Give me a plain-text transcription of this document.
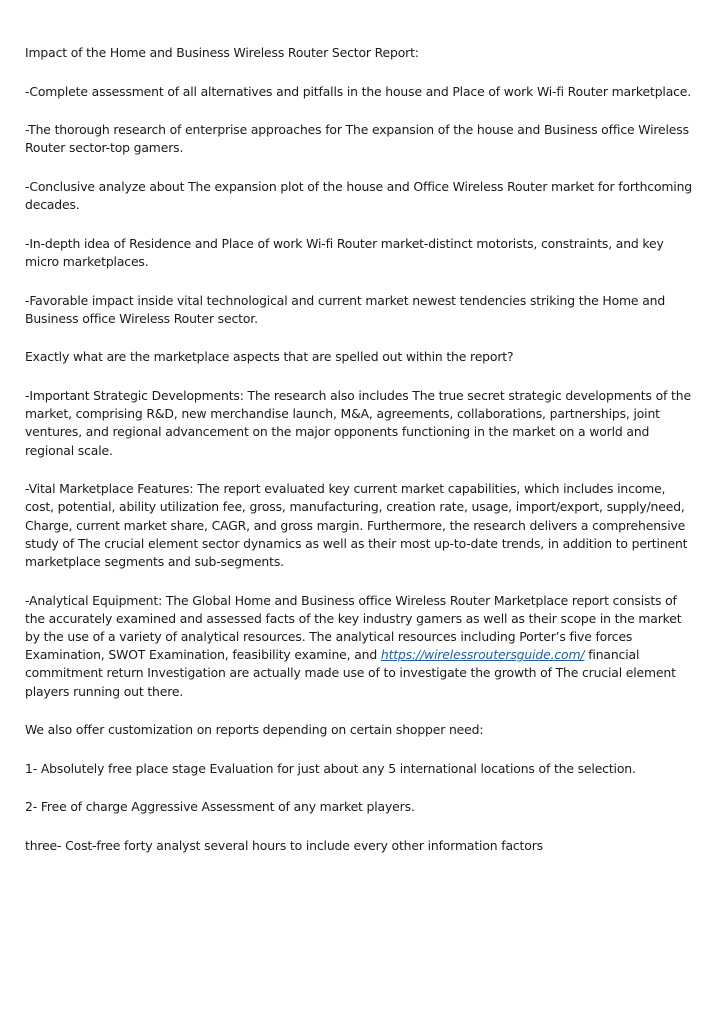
Impact of the Home and Business Wireless Router Sector Report:

-Complete assessment of all alternatives and pitfalls in the house and Place of work Wi-fi Router marketplace.

-The thorough research of enterprise approaches for The expansion of the house and Business office Wireless Router sector-top gamers.

-Conclusive analyze about The expansion plot of the house and Office Wireless Router market for forthcoming decades.

-In-depth idea of Residence and Place of work Wi-fi Router market-distinct motorists, constraints, and key micro marketplaces.

-Favorable impact inside vital technological and current market newest tendencies striking the Home and Business office Wireless Router sector.

Exactly what are the marketplace aspects that are spelled out within the report?

-Important Strategic Developments: The research also includes The true secret strategic developments of the market, comprising R&D, new merchandise launch, M&A, agreements, collaborations, partnerships, joint ventures, and regional advancement on the major opponents functioning in the market on a world and regional scale.

-Vital Marketplace Features: The report evaluated key current market capabilities, which includes income, cost, potential, ability utilization fee, gross, manufacturing, creation rate, usage, import/export, supply/need, Charge, current market share, CAGR, and gross margin. Furthermore, the research delivers a comprehensive study of The crucial element sector dynamics as well as their most up-to-date trends, in addition to pertinent marketplace segments and sub-segments.

-Analytical Equipment: The Global Home and Business office Wireless Router Marketplace report consists of the accurately examined and assessed facts of the key industry gamers as well as their scope in the market by the use of a variety of analytical resources. The analytical resources including Porter’s five forces Examination, SWOT Examination, feasibility examine, and https://wirelessroutersguide.com/ financial commitment return Investigation are actually made use of to investigate the growth of The crucial element players running out there.

We also offer customization on reports depending on certain shopper need:

1- Absolutely free place stage Evaluation for just about any 5 international locations of the selection.

2- Free of charge Aggressive Assessment of any market players.

three- Cost-free forty analyst several hours to include every other information factors
